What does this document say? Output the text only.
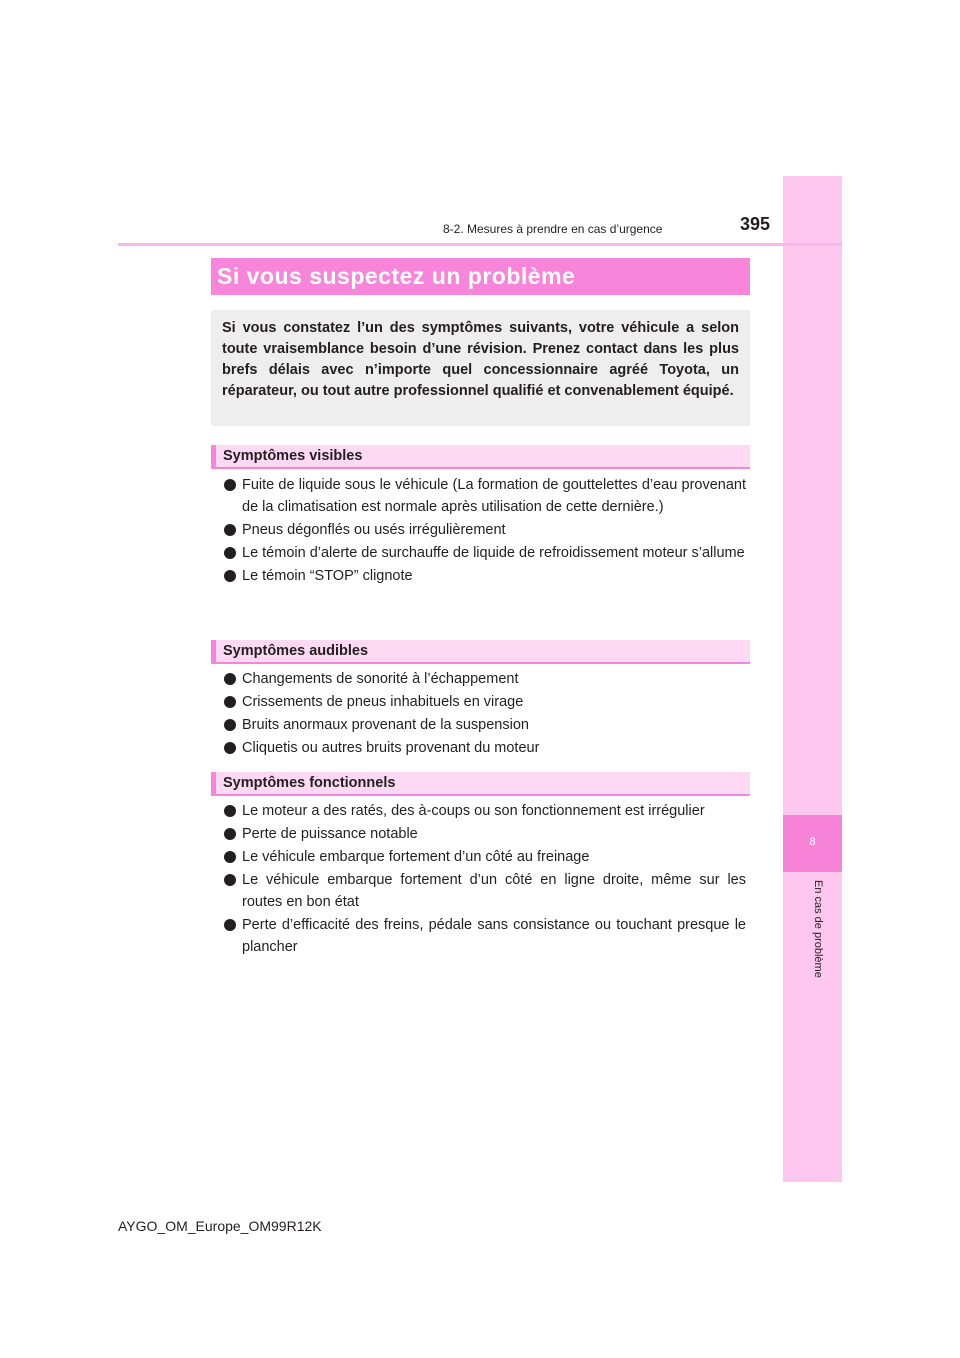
8
En cas de problème
8-2. Mesures à prendre en cas d’urgence	395
Si vous suspectez un problème
Si vous constatez l’un des symptômes suivants, votre véhicule a selon toute vraisemblance besoin d’une révision. Prenez contact dans les plus brefs délais avec n’importe quel concessionnaire agréé Toyota, un réparateur, ou tout autre professionnel qualifié et convenablement équipé.
Symptômes visibles
Fuite de liquide sous le véhicule (La formation de gouttelettes d’eau provenant de la climatisation est normale après utilisation de cette dernière.)
Pneus dégonflés ou usés irrégulièrement
Le témoin d’alerte de surchauffe de liquide de refroidissement moteur s’allume
Le témoin “STOP” clignote
Symptômes audibles
Changements de sonorité à l’échappement
Crissements de pneus inhabituels en virage
Bruits anormaux provenant de la suspension
Cliquetis ou autres bruits provenant du moteur
Symptômes fonctionnels
Le moteur a des ratés, des à-coups ou son fonctionnement est irrégulier
Perte de puissance notable
Le véhicule embarque fortement d’un côté au freinage
Le véhicule embarque fortement d’un côté en ligne droite, même sur les routes en bon état
Perte d’efficacité des freins, pédale sans consistance ou touchant presque le plancher
AYGO_OM_Europe_OM99R12K
